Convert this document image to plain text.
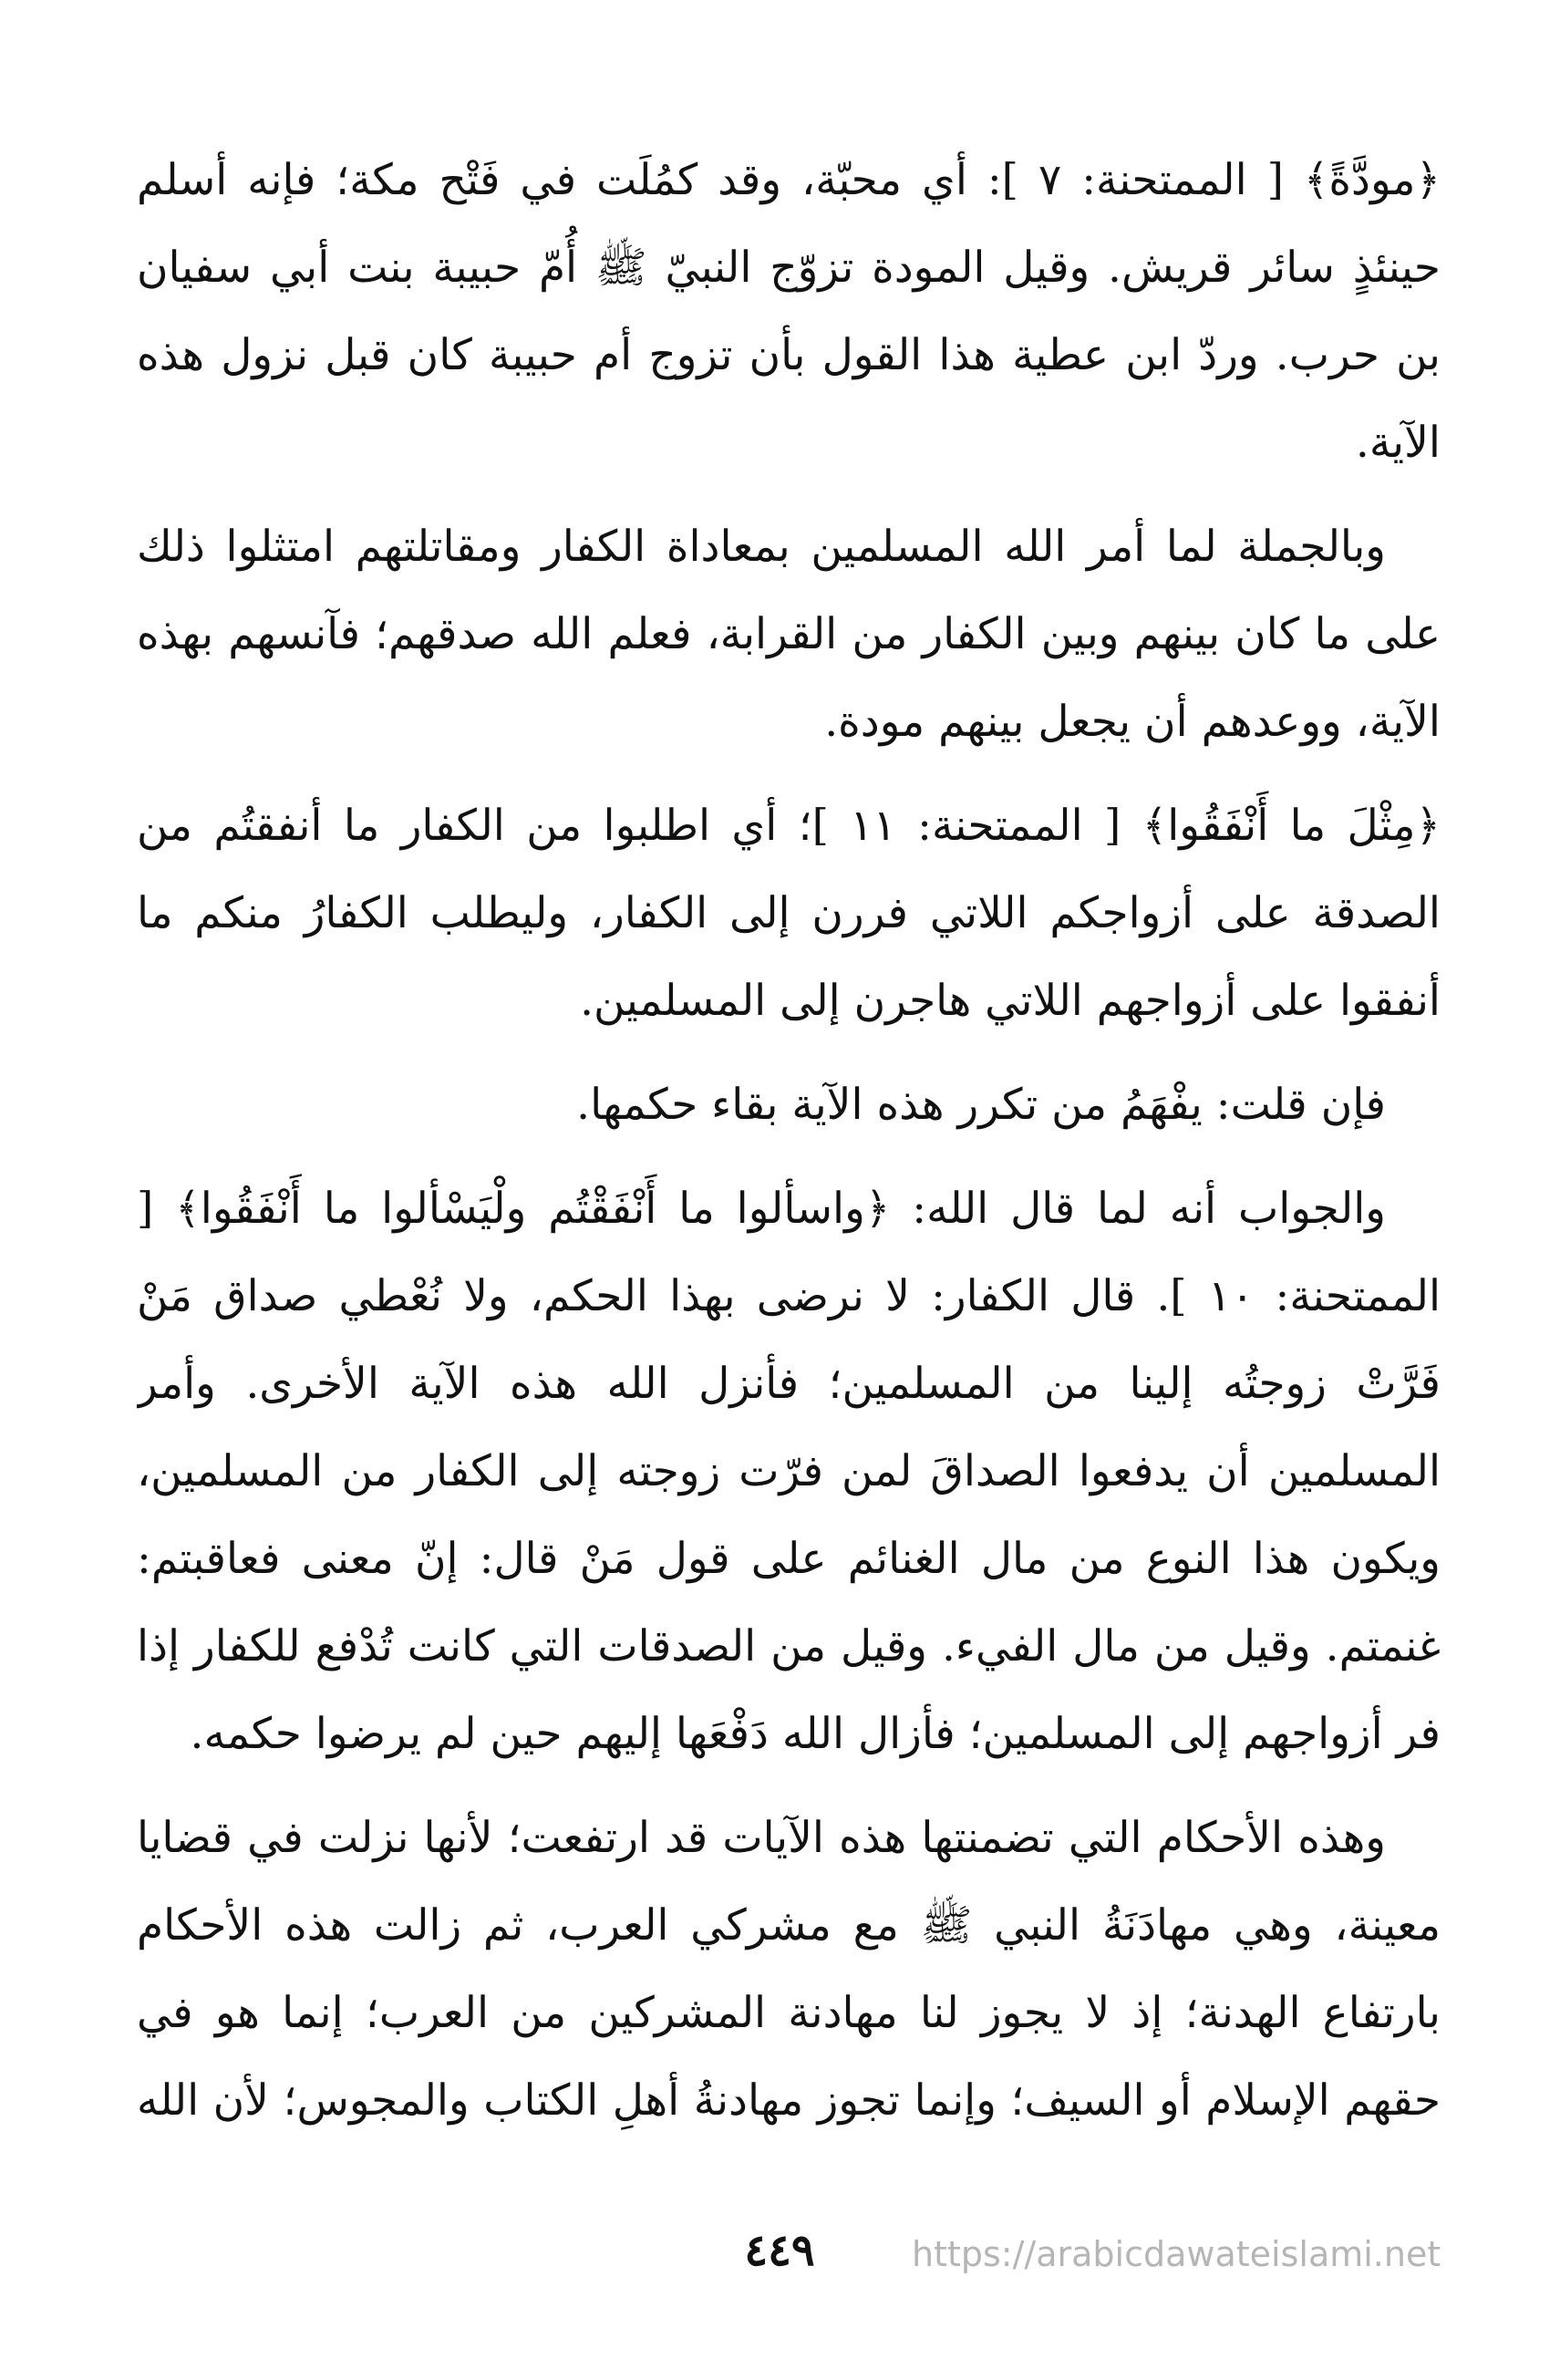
﴿مودَّةً﴾ [ الممتحنة: ٧ ]: أي محبّة، وقد كمُلَت في فَتْح مكة؛ فإنه أسلم حينئذٍ سائر قريش. وقيل المودة تزوّج النبيّ ﷺ أُمّ حبيبة بنت أبي سفيان بن حرب. وردّ ابن عطية هذا القول بأن تزوج أم حبيبة كان قبل نزول هذه الآية.

وبالجملة لما أمر الله المسلمين بمعاداة الكفار ومقاتلتهم امتثلوا ذلك على ما كان بينهم وبين الكفار من القرابة، فعلم الله صدقهم؛ فآنسهم بهذه الآية، ووعدهم أن يجعل بينهم مودة.

﴿مِثْلَ ما أَنْفَقُوا﴾ [ الممتحنة: ١١ ]؛ أي اطلبوا من الكفار ما أنفقتُم من الصدقة على أزواجكم اللاتي فررن إلى الكفار، وليطلب الكفارُ منكم ما أنفقوا على أزواجهم اللاتي هاجرن إلى المسلمين.

فإن قلت: يفْهَمُ من تكرر هذه الآية بقاء حكمها.

والجواب أنه لما قال الله: ﴿واسألوا ما أَنْفَقْتُم ولْيَسْألوا ما أَنْفَقُوا﴾ [ الممتحنة: ١٠ ]. قال الكفار: لا نرضى بهذا الحكم، ولا نُعْطي صداق مَنْ فَرَّتْ زوجتُه إلينا من المسلمين؛ فأنزل الله هذه الآية الأخرى. وأمر المسلمين أن يدفعوا الصداقَ لمن فرّت زوجته إلى الكفار من المسلمين، ويكون هذا النوع من مال الغنائم على قول مَنْ قال: إنّ معنى فعاقبتم: غنمتم. وقيل من مال الفيء. وقيل من الصدقات التي كانت تُدْفع للكفار إذا فر أزواجهم إلى المسلمين؛ فأزال الله دَفْعَها إليهم حين لم يرضوا حكمه.

وهذه الأحكام التي تضمنتها هذه الآيات قد ارتفعت؛ لأنها نزلت في قضايا معينة، وهي مهادَنَةُ النبي ﷺ مع مشركي العرب، ثم زالت هذه الأحكام بارتفاع الهدنة؛ إذ لا يجوز لنا مهادنة المشركين من العرب؛ إنما هو في حقهم الإسلام أو السيف؛ وإنما تجوز مهادنةُ أهلِ الكتاب والمجوس؛ لأن الله

٤٤٩	https://arabicdawateislami.net
